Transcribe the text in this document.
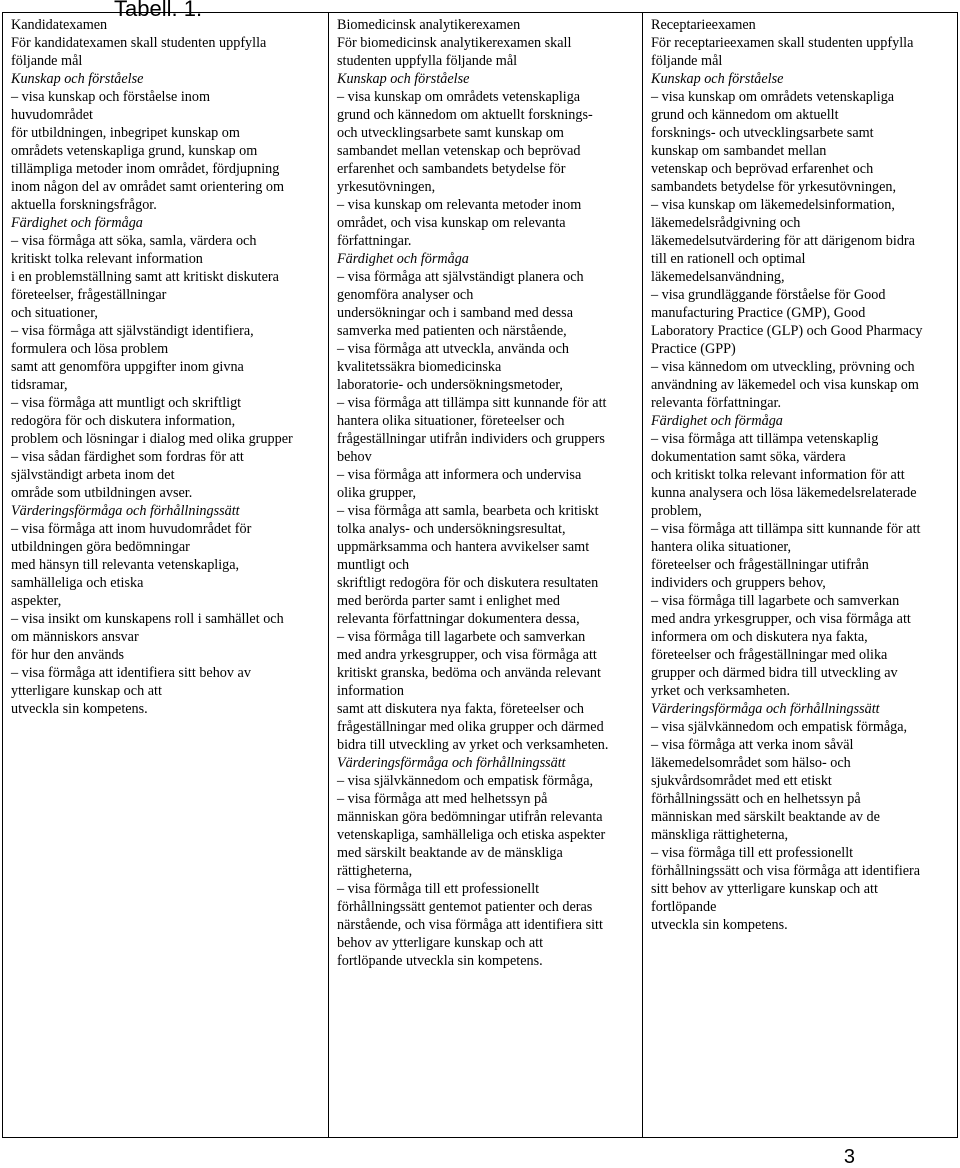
Tabell. 1.
Kandidatexamen
För kandidatexamen skall studenten uppfylla
följande mål
Kunskap och förståelse
– visa kunskap och förståelse inom
huvudområdet
för utbildningen, inbegripet kunskap om
områdets vetenskapliga grund, kunskap om
tillämpliga metoder inom området, fördjupning
inom någon del av området samt orientering om
aktuella forskningsfrågor.
Färdighet och förmåga
– visa förmåga att söka, samla, värdera och
kritiskt tolka relevant information
i en problemställning samt att kritiskt diskutera
företeelser, frågeställningar
och situationer,
– visa förmåga att självständigt identifiera,
formulera och lösa problem
samt att genomföra uppgifter inom givna
tidsramar,
– visa förmåga att muntligt och skriftligt
redogöra för och diskutera information,
problem och lösningar i dialog med olika grupper
– visa sådan färdighet som fordras för att
självständigt arbeta inom det
område som utbildningen avser.
Värderingsförmåga och förhållningssätt
– visa förmåga att inom huvudområdet för
utbildningen göra bedömningar
med hänsyn till relevanta vetenskapliga,
samhälleliga och etiska
aspekter,
– visa insikt om kunskapens roll i samhället och
om människors ansvar
för hur den används
– visa förmåga att identifiera sitt behov av
ytterligare kunskap och att
utveckla sin kompetens.

Biomedicinsk analytikerexamen
För biomedicinsk analytikerexamen skall
studenten uppfylla följande mål
Kunskap och förståelse
– visa kunskap om områdets vetenskapliga
grund och kännedom om aktuellt forsknings-
och utvecklingsarbete samt kunskap om
sambandet mellan vetenskap och beprövad
erfarenhet och sambandets betydelse för
yrkesutövningen,
– visa kunskap om relevanta metoder inom
området, och visa kunskap om relevanta
författningar.
Färdighet och förmåga
– visa förmåga att självständigt planera och
genomföra analyser och
undersökningar och i samband med dessa
samverka med patienten och närstående,
– visa förmåga att utveckla, använda och
kvalitetssäkra biomedicinska
laboratorie- och undersökningsmetoder,
– visa förmåga att tillämpa sitt kunnande för att
hantera olika situationer, företeelser och
frågeställningar utifrån individers och gruppers
behov
– visa förmåga att informera och undervisa
olika grupper,
– visa förmåga att samla, bearbeta och kritiskt
tolka analys- och undersökningsresultat,
uppmärksamma och hantera avvikelser samt
muntligt och
skriftligt redogöra för och diskutera resultaten
med berörda parter samt i enlighet med
relevanta författningar dokumentera dessa,
– visa förmåga till lagarbete och samverkan
med andra yrkesgrupper, och visa förmåga att
kritiskt granska, bedöma och använda relevant
information
samt att diskutera nya fakta, företeelser och
frågeställningar med olika grupper och därmed
bidra till utveckling av yrket och verksamheten.
Värderingsförmåga och förhållningssätt
– visa självkännedom och empatisk förmåga,
– visa förmåga att med helhetssyn på
människan göra bedömningar utifrån relevanta
vetenskapliga, samhälleliga och etiska aspekter
med särskilt beaktande av de mänskliga
rättigheterna,
– visa förmåga till ett professionellt
förhållningssätt gentemot patienter och deras
närstående, och visa förmåga att identifiera sitt
behov av ytterligare kunskap och att
fortlöpande utveckla sin kompetens.

Receptarieexamen
För receptarieexamen skall studenten uppfylla
följande mål
Kunskap och förståelse
– visa kunskap om områdets vetenskapliga
grund och kännedom om aktuellt
forsknings- och utvecklingsarbete samt
kunskap om sambandet mellan
vetenskap och beprövad erfarenhet och
sambandets betydelse för yrkesutövningen,
– visa kunskap om läkemedelsinformation,
läkemedelsrådgivning och
läkemedelsutvärdering för att därigenom bidra
till en rationell och optimal
läkemedelsanvändning,
– visa grundläggande förståelse för Good
manufacturing Practice (GMP), Good
Laboratory Practice (GLP) och Good Pharmacy
Practice (GPP)
– visa kännedom om utveckling, prövning och
användning av läkemedel och visa kunskap om
relevanta författningar.
Färdighet och förmåga
– visa förmåga att tillämpa vetenskaplig
dokumentation samt söka, värdera
och kritiskt tolka relevant information för att
kunna analysera och lösa läkemedelsrelaterade
problem,
– visa förmåga att tillämpa sitt kunnande för att
hantera olika situationer,
företeelser och frågeställningar utifrån
individers och gruppers behov,
– visa förmåga till lagarbete och samverkan
med andra yrkesgrupper, och visa förmåga att
informera om och diskutera nya fakta,
företeelser och frågeställningar med olika
grupper och därmed bidra till utveckling av
yrket och verksamheten.
Värderingsförmåga och förhållningssätt
– visa självkännedom och empatisk förmåga,
– visa förmåga att verka inom såväl
läkemedelsområdet som hälso- och
sjukvårdsområdet med ett etiskt
förhållningssätt och en helhetssyn på
människan med särskilt beaktande av de
mänskliga rättigheterna,
– visa förmåga till ett professionellt
förhållningssätt och visa förmåga att identifiera
sitt behov av ytterligare kunskap och att
fortlöpande
utveckla sin kompetens.
3
